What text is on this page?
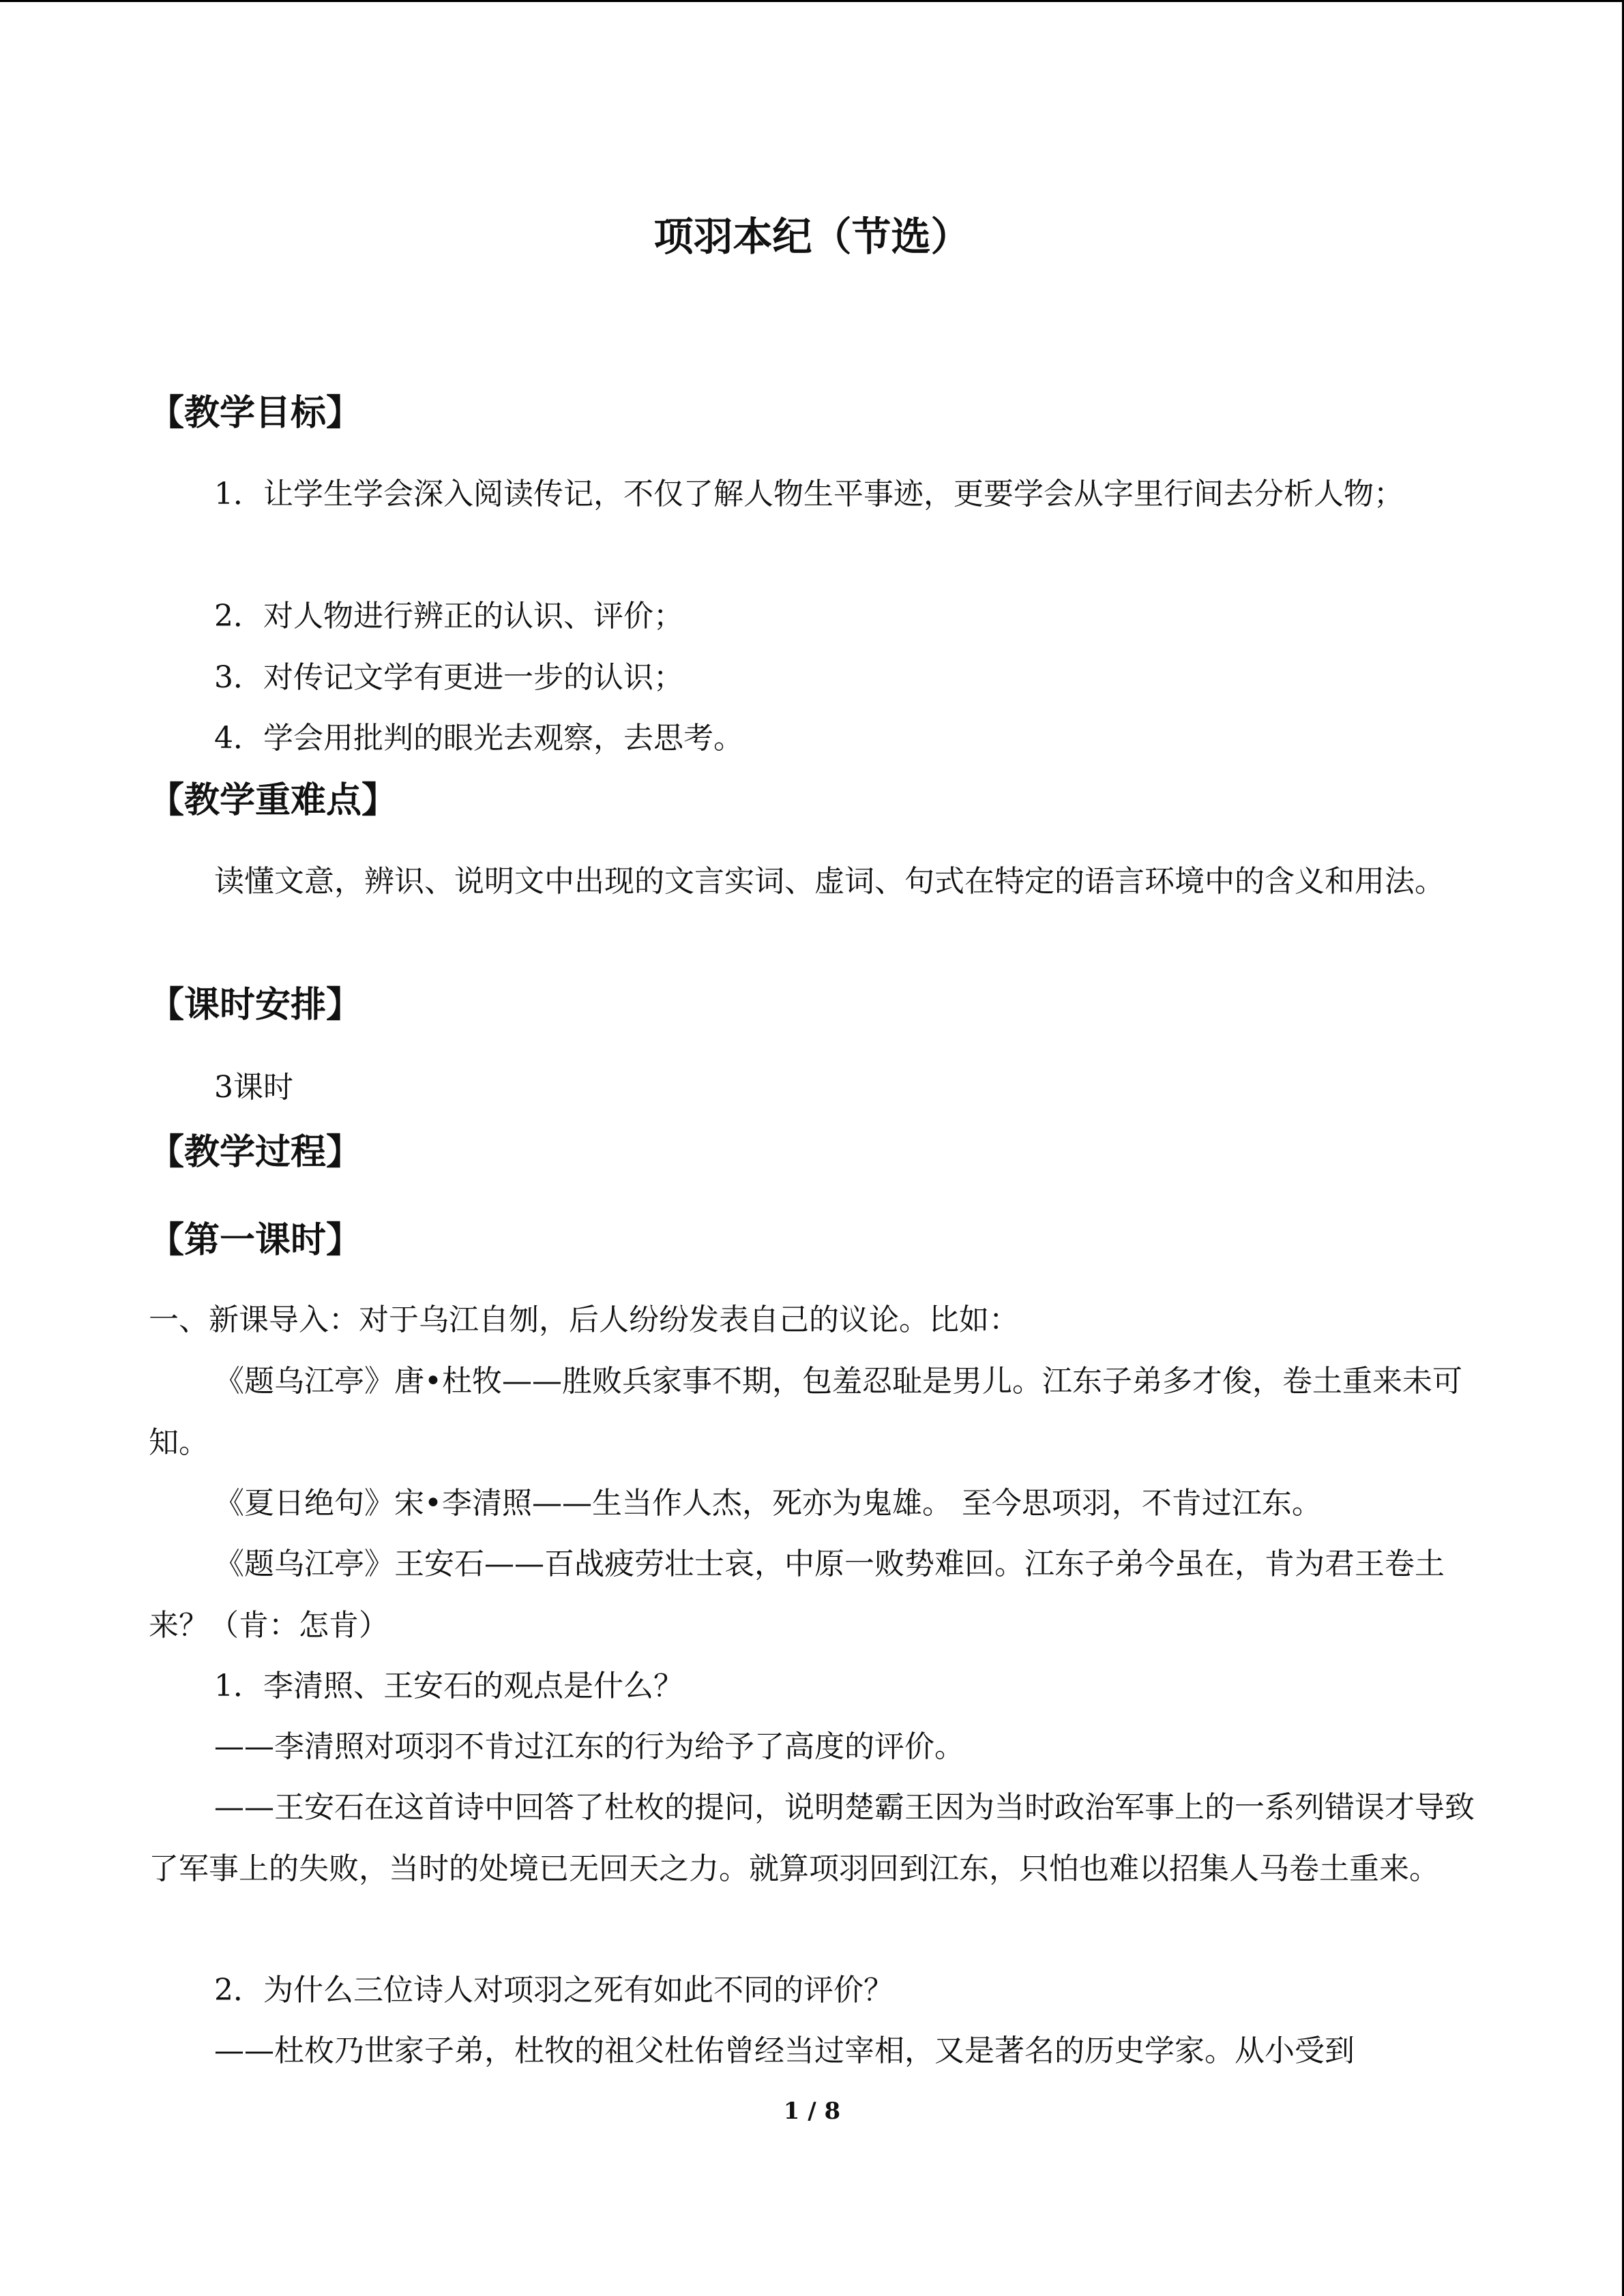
项羽本纪（节选）
【教学目标】

1．让学生学会深入阅读传记，不仅了解人物生平事迹，更要学会从字里行间去分析人物；

2．对人物进行辨正的认识、评价；

3．对传记文学有更进一步的认识；

4．学会用批判的眼光去观察，去思考。

【教学重难点】

读懂文意，辨识、说明文中出现的文言实词、虚词、句式在特定的语言环境中的含义和用法。

【课时安排】

3课时

【教学过程】
【第一课时】

一、新课导入：对于乌江自刎，后人纷纷发表自己的议论。比如：

《题乌江亭》唐•杜牧——胜败兵家事不期，包羞忍耻是男儿。江东子弟多才俊，卷土重来未可知。

《夏日绝句》宋•李清照——生当作人杰，死亦为鬼雄。 至今思项羽，不肯过江东。

《题乌江亭》王安石——百战疲劳壮士哀，中原一败势难回。江东子弟今虽在，肯为君王卷土来？（肯：怎肯）

1．李清照、王安石的观点是什么？

——李清照对项羽不肯过江东的行为给予了高度的评价。

——王安石在这首诗中回答了杜枚的提问，说明楚霸王因为当时政治军事上的一系列错误才导致了军事上的失败，当时的处境已无回天之力。就算项羽回到江东，只怕也难以招集人马卷土重来。

2．为什么三位诗人对项羽之死有如此不同的评价？

——杜枚乃世家子弟，杜牧的祖父杜佑曾经当过宰相，又是著名的历史学家。从小受到

1 / 8
